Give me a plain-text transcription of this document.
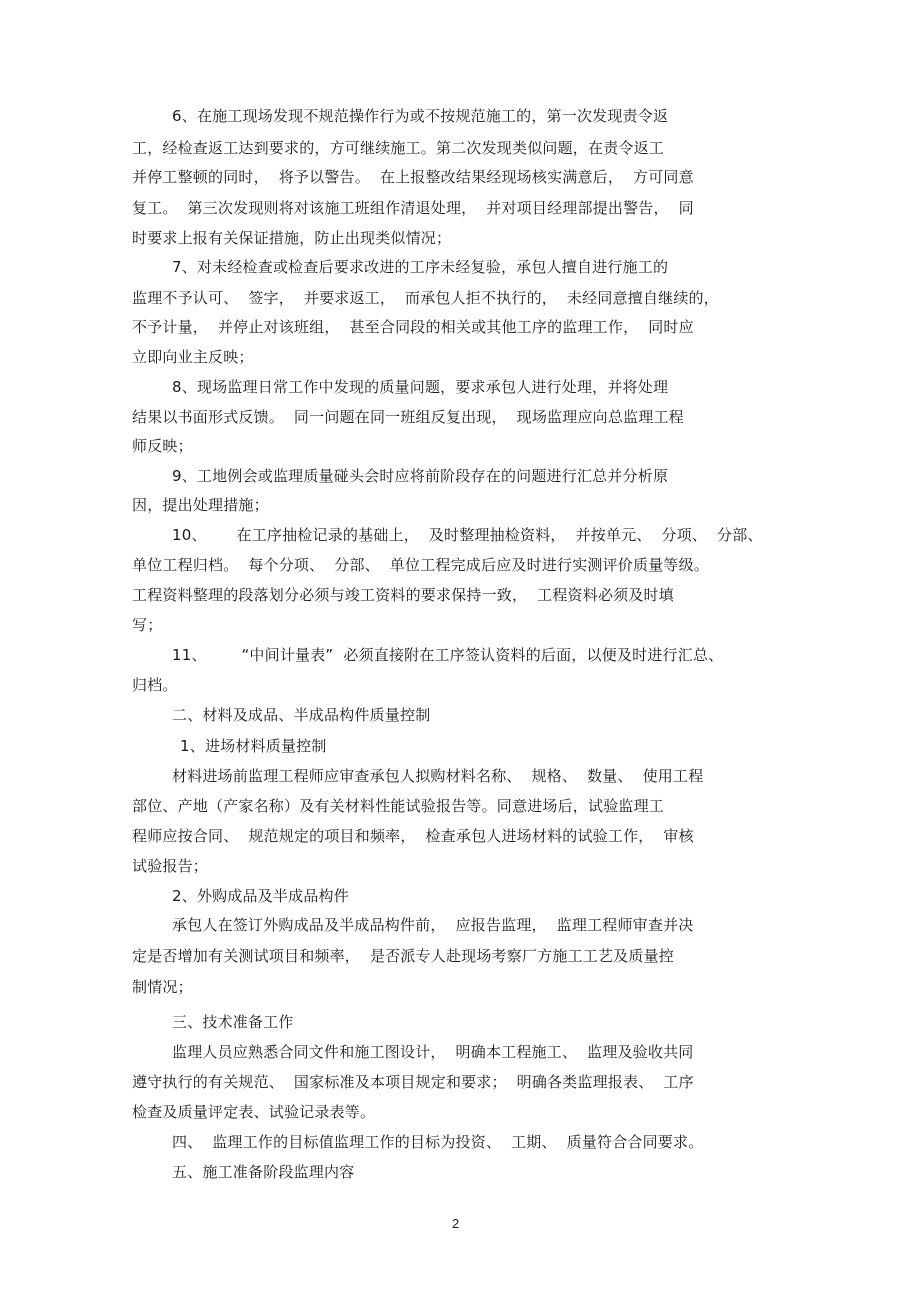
6、在施工现场发现不规范操作行为或不按规范施工的，第一次发现责令返
工，经检查返工达到要求的，方可继续施工。第二次发现类似问题，在责令返工
并停工整顿的同时，  将予以警告。  在上报整改结果经现场核实满意后，  方可同意
复工。  第三次发现则将对该施工班组作清退处理，  并对项目经理部提出警告，  同
时要求上报有关保证措施，防止出现类似情况；
7、对未经检查或检查后要求改进的工序未经复验，承包人擅自进行施工的
监理不予认可、  签字，  并要求返工，  而承包人拒不执行的，  未经同意擅自继续的，
不予计量，  并停止对该班组，  甚至合同段的相关或其他工序的监理工作，  同时应
立即向业主反映；
8、现场监理日常工作中发现的质量问题，要求承包人进行处理，并将处理
结果以书面形式反馈。  同一问题在同一班组反复出现，  现场监理应向总监理工程
师反映；
9、工地例会或监理质量碰头会时应将前阶段存在的问题进行汇总并分析原
因，提出处理措施；
10、      在工序抽检记录的基础上，  及时整理抽检资料，  并按单元、  分项、  分部、
单位工程归档。  每个分项、  分部、  单位工程完成后应及时进行实测评价质量等级。
工程资料整理的段落划分必须与竣工资料的要求保持一致，  工程资料必须及时填
写；
11、       “中间计量表”  必须直接附在工序签认资料的后面，以便及时进行汇总、
归档。
二、材料及成品、半成品构件质量控制
1、进场材料质量控制
材料进场前监理工程师应审查承包人拟购材料名称、  规格、  数量、  使用工程
部位、产地（产家名称）及有关材料性能试验报告等。同意进场后，试验监理工
程师应按合同、  规范规定的项目和频率，  检查承包人进场材料的试验工作，  审核
试验报告；
2、外购成品及半成品构件
承包人在签订外购成品及半成品构件前，  应报告监理，  监理工程师审查并决
定是否增加有关测试项目和频率，  是否派专人赴现场考察厂方施工工艺及质量控
制情况；
三、技术准备工作
监理人员应熟悉合同文件和施工图设计，  明确本工程施工、  监理及验收共同
遵守执行的有关规范、  国家标准及本项目规定和要求；  明确各类监理报表、  工序
检查及质量评定表、试验记录表等。
四、  监理工作的目标值监理工作的目标为投资、  工期、  质量符合合同要求。
五、施工准备阶段监理内容
2
